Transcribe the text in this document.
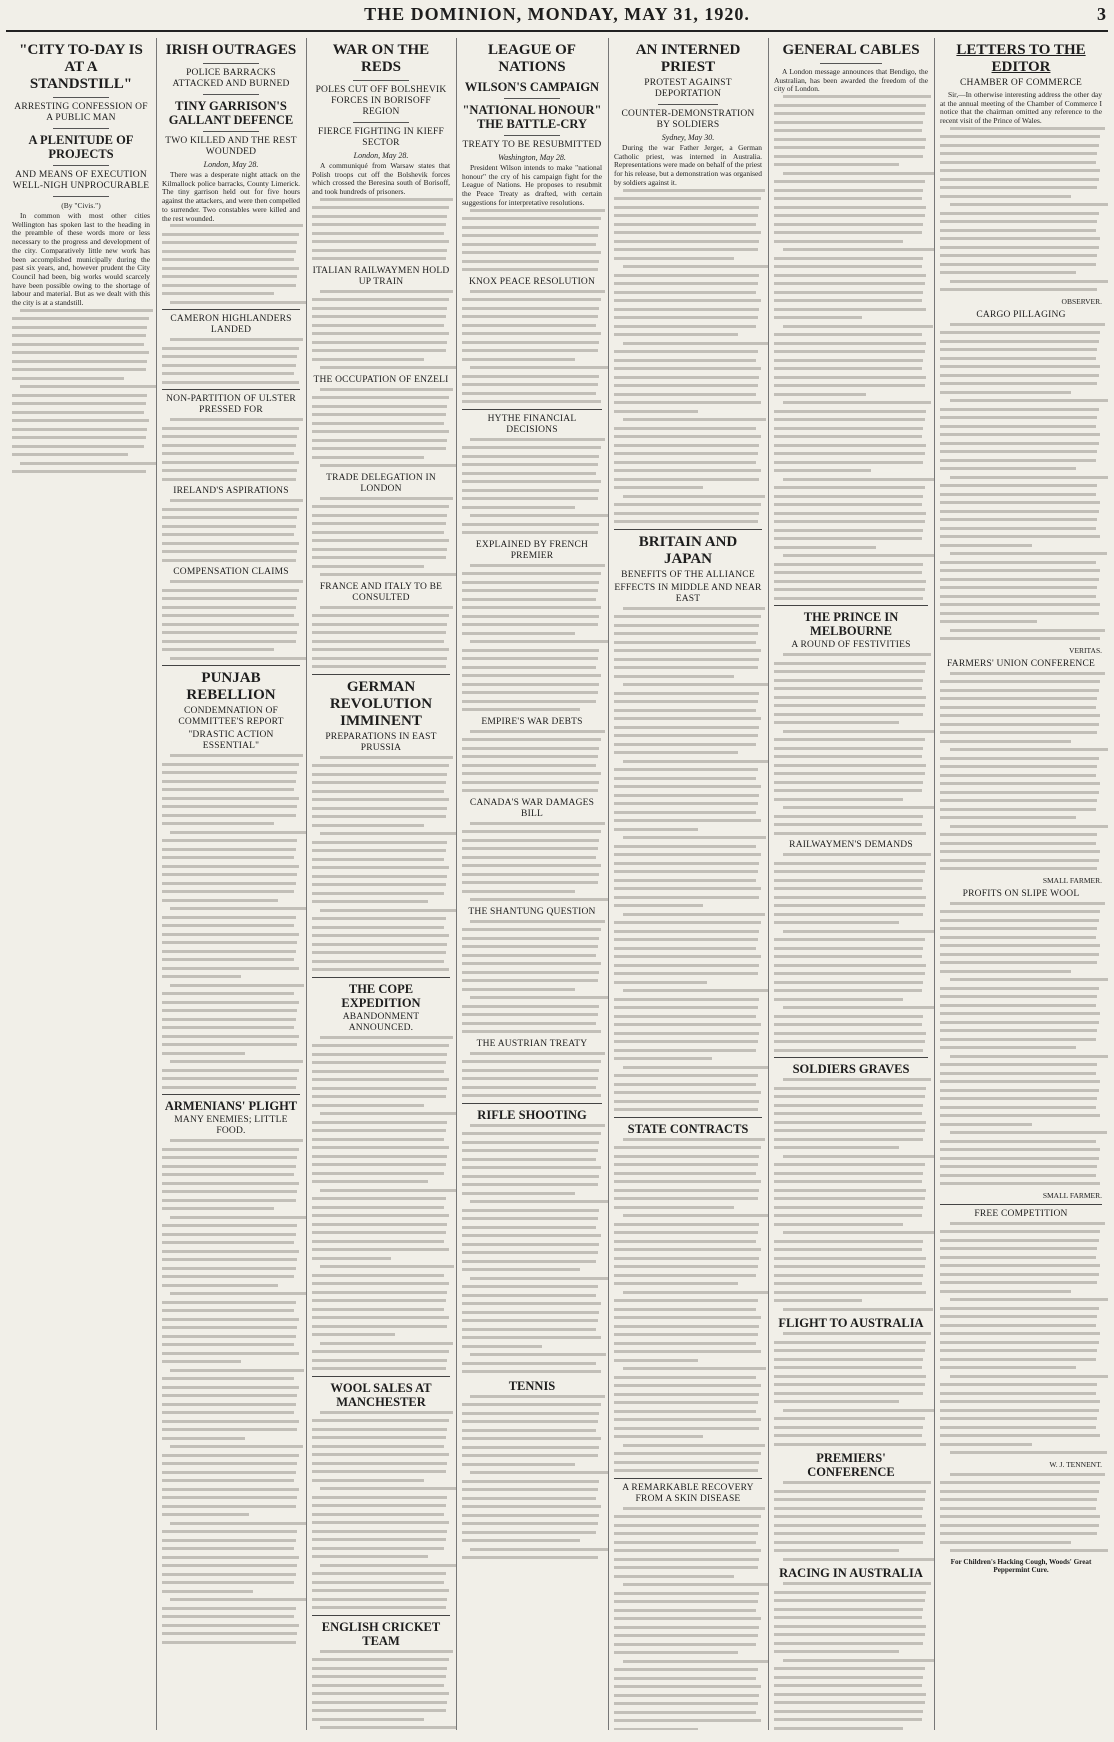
THE DOMINION, MONDAY, MAY 31, 1920.	3
"CITY TO-DAY IS AT A STANDSTILL"
ARRESTING CONFESSION OF A PUBLIC MAN
A PLENITUDE OF PROJECTS
AND MEANS OF EXECUTION WELL-NIGH UNPROCURABLE
(By "Civis.")
In common with most other cities Wellington has spoken last to the heading in the preamble of these words more or less necessary to the progress and development of the city. Comparatively little new work has been accomplished municipally during the past six years, and, however prudent the City Council had been, big works would scarcely have been possible owing to the shortage of labour and material. But as we dealt with this the city is at a standstill.
IRISH OUTRAGES
POLICE BARRACKS ATTACKED AND BURNED
TINY GARRISON'S GALLANT DEFENCE
TWO KILLED AND THE REST WOUNDED
London, May 28.
There was a desperate night attack on the Kilmallock police barracks, County Limerick. The tiny garrison held out for five hours against the attackers, and were then compelled to surrender. Two constables were killed and the rest wounded.
CAMERON HIGHLANDERS LANDED
NON-PARTITION OF ULSTER PRESSED FOR
IRELAND'S ASPIRATIONS
COMPENSATION CLAIMS
PUNJAB REBELLION
CONDEMNATION OF COMMITTEE'S REPORT
"DRASTIC ACTION ESSENTIAL"
ARMENIANS' PLIGHT
MANY ENEMIES; LITTLE FOOD.
WAR ON THE REDS
POLES CUT OFF BOLSHEVIK FORCES IN BORISOFF REGION
FIERCE FIGHTING IN KIEFF SECTOR
London, May 28.
A communiqué from Warsaw states that Polish troops cut off the Bolshevik forces which crossed the Beresina south of Borisoff, and took hundreds of prisoners.
ITALIAN RAILWAYMEN HOLD UP TRAIN
THE OCCUPATION OF ENZELI
TRADE DELEGATION IN LONDON
FRANCE AND ITALY TO BE CONSULTED
GERMAN REVOLUTION IMMINENT
PREPARATIONS IN EAST PRUSSIA
THE COPE EXPEDITION
ABANDONMENT ANNOUNCED.
WOOL SALES AT MANCHESTER
ENGLISH CRICKET TEAM
LEAGUE OF NATIONS
WILSON'S CAMPAIGN
"NATIONAL HONOUR" THE BATTLE-CRY
TREATY TO BE RESUBMITTED
Washington, May 28.
President Wilson intends to make "national honour" the cry of his campaign fight for the League of Nations. He proposes to resubmit the Peace Treaty as drafted, with certain suggestions for interpretative resolutions.
KNOX PEACE RESOLUTION
HYTHE FINANCIAL DECISIONS
EXPLAINED BY FRENCH PREMIER
EMPIRE'S WAR DEBTS
CANADA'S WAR DAMAGES BILL
THE SHANTUNG QUESTION
THE AUSTRIAN TREATY
RIFLE SHOOTING
TENNIS
AN INTERNED PRIEST
PROTEST AGAINST DEPORTATION
COUNTER-DEMONSTRATION BY SOLDIERS
Sydney, May 30.
During the war Father Jerger, a German Catholic priest, was interned in Australia. Representations were made on behalf of the priest for his release, but a demonstration was organised by soldiers against it.
BRITAIN AND JAPAN
BENEFITS OF THE ALLIANCE
EFFECTS IN MIDDLE AND NEAR EAST
STATE CONTRACTS
A REMARKABLE RECOVERY FROM A SKIN DISEASE
GENERAL CABLES
A London message announces that Bendigo, the Australian, has been awarded the freedom of the city of London.
THE PRINCE IN MELBOURNE
A ROUND OF FESTIVITIES
RAILWAYMEN'S DEMANDS
SOLDIERS GRAVES
FLIGHT TO AUSTRALIA
PREMIERS' CONFERENCE
RACING IN AUSTRALIA
LETTERS TO THE EDITOR
CHAMBER OF COMMERCE
Sir,—In otherwise interesting address the other day at the annual meeting of the Chamber of Commerce I notice that the chairman omitted any reference to the recent visit of the Prince of Wales.
OBSERVER.
CARGO PILLAGING
VERITAS.
FARMERS' UNION CONFERENCE
SMALL FARMER.
PROFITS ON SLIPE WOOL
SMALL FARMER.
FREE COMPETITION
W. J. TENNENT.
For Children's Hacking Cough, Woods' Great Peppermint Cure.
